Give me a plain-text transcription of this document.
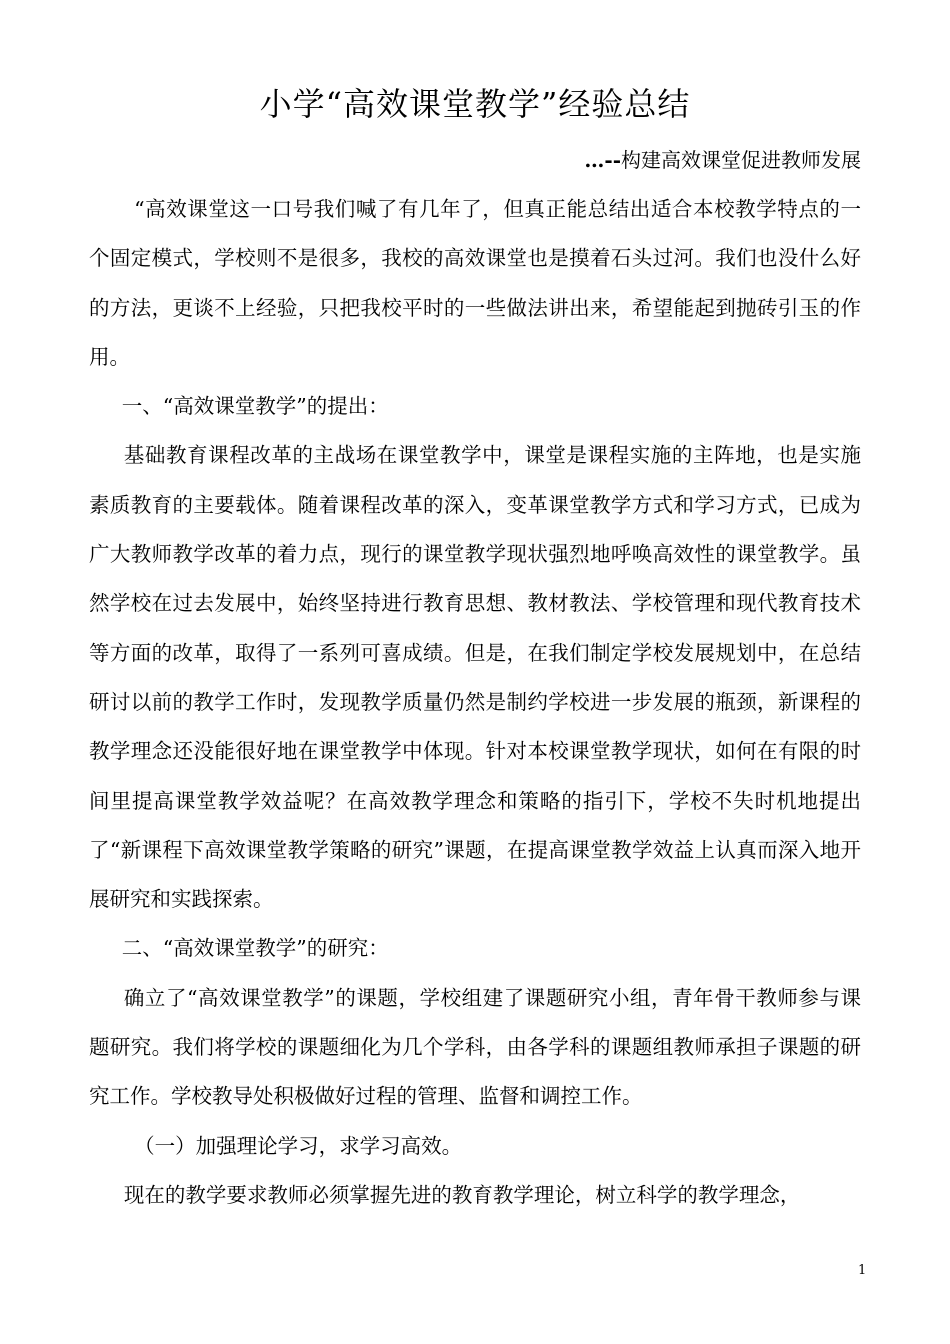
小学“高效课堂教学”经验总结
…--构建高效课堂促进教师发展

“高效课堂这一口号我们喊了有几年了，但真正能总结出适合本校教学特点的一个固定模式，学校则不是很多，我校的高效课堂也是摸着石头过河。我们也没什么好的方法，更谈不上经验，只把我校平时的一些做法讲出来，希望能起到抛砖引玉的作用。

一、“高效课堂教学”的提出：

基础教育课程改革的主战场在课堂教学中，课堂是课程实施的主阵地，也是实施素质教育的主要载体。随着课程改革的深入，变革课堂教学方式和学习方式，已成为广大教师教学改革的着力点，现行的课堂教学现状强烈地呼唤高效性的课堂教学。虽然学校在过去发展中，始终坚持进行教育思想、教材教法、学校管理和现代教育技术等方面的改革，取得了一系列可喜成绩。但是，在我们制定学校发展规划中，在总结研讨以前的教学工作时，发现教学质量仍然是制约学校进一步发展的瓶颈，新课程的教学理念还没能很好地在课堂教学中体现。针对本校课堂教学现状，如何在有限的时间里提高课堂教学效益呢？在高效教学理念和策略的指引下，学校不失时机地提出了“新课程下高效课堂教学策略的研究”课题，在提高课堂教学效益上认真而深入地开展研究和实践探索。

二、“高效课堂教学”的研究：

确立了“高效课堂教学”的课题，学校组建了课题研究小组，青年骨干教师参与课题研究。我们将学校的课题细化为几个学科，由各学科的课题组教师承担子课题的研究工作。学校教导处积极做好过程的管理、监督和调控工作。

（一）加强理论学习，求学习高效。

现在的教学要求教师必须掌握先进的教育教学理论，树立科学的教学理念，

1
